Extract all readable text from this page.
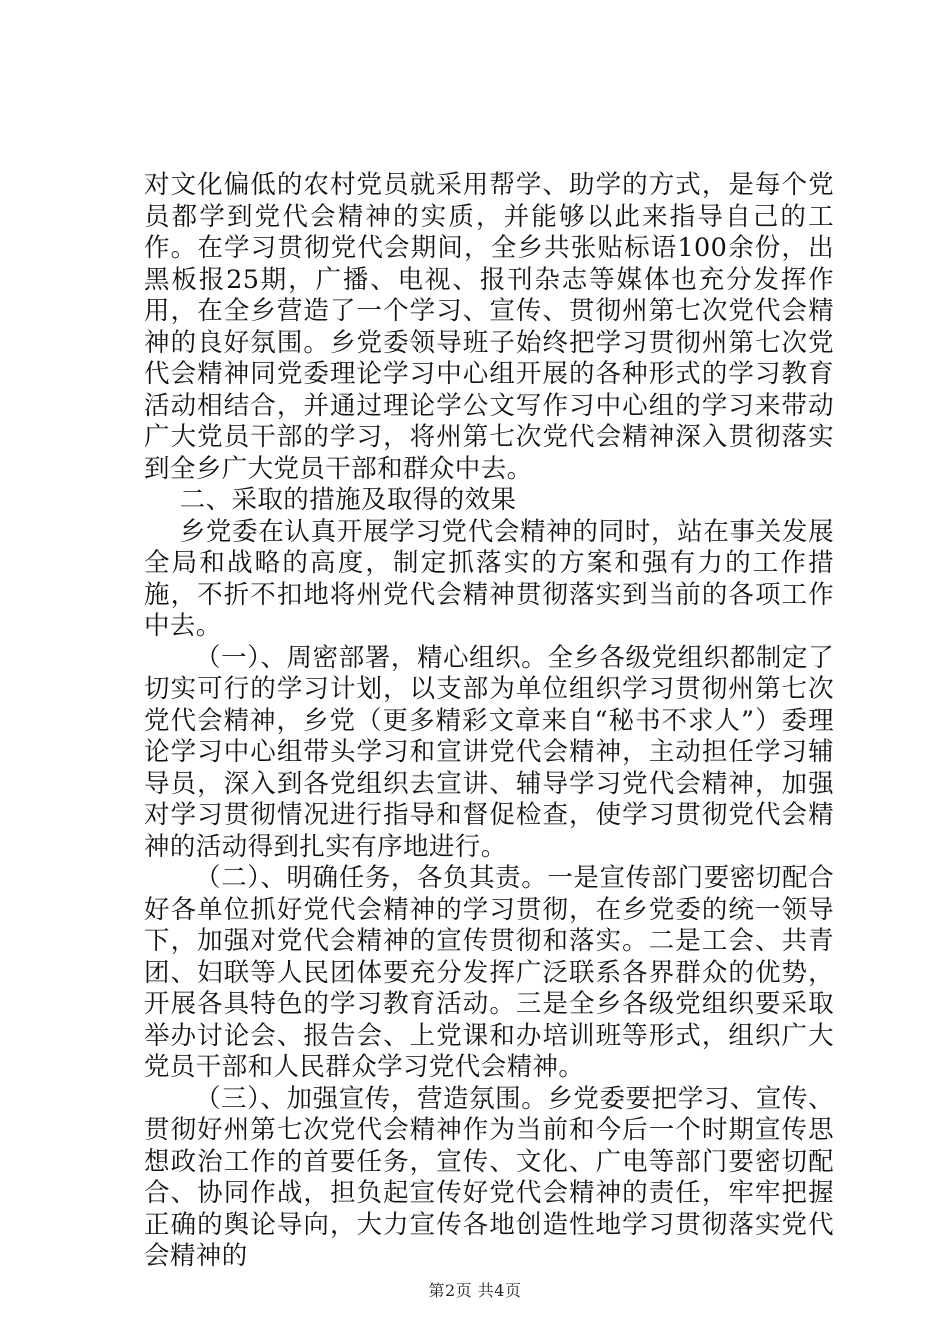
对文化偏低的农村党员就采用帮学、助学的方式，是每个党员都学到党代会精神的实质，并能够以此来指导自己的工作。在学习贯彻党代会期间，全乡共张贴标语100余份，出黑板报25期，广播、电视、报刊杂志等媒体也充分发挥作用，在全乡营造了一个学习、宣传、贯彻州第七次党代会精神的良好氛围。乡党委领导班子始终把学习贯彻州第七次党代会精神同党委理论学习中心组开展的各种形式的学习教育活动相结合，并通过理论学公文写作习中心组的学习来带动广大党员干部的学习，将州第七次党代会精神深入贯彻落实到全乡广大党员干部和群众中去。

二、采取的措施及取得的效果

乡党委在认真开展学习党代会精神的同时，站在事关发展全局和战略的高度，制定抓落实的方案和强有力的工作措施，不折不扣地将州党代会精神贯彻落实到当前的各项工作中去。

（一）、周密部署，精心组织。全乡各级党组织都制定了切实可行的学习计划，以支部为单位组织学习贯彻州第七次党代会精神，乡党（更多精彩文章来自“秘书不求人”）委理论学习中心组带头学习和宣讲党代会精神，主动担任学习辅导员，深入到各党组织去宣讲、辅导学习党代会精神，加强对学习贯彻情况进行指导和督促检查，使学习贯彻党代会精神的活动得到扎实有序地进行。

（二）、明确任务，各负其责。一是宣传部门要密切配合好各单位抓好党代会精神的学习贯彻，在乡党委的统一领导下，加强对党代会精神的宣传贯彻和落实。二是工会、共青团、妇联等人民团体要充分发挥广泛联系各界群众的优势，开展各具特色的学习教育活动。三是全乡各级党组织要采取举办讨论会、报告会、上党课和办培训班等形式，组织广大党员干部和人民群众学习党代会精神。

（三）、加强宣传，营造氛围。乡党委要把学习、宣传、贯彻好州第七次党代会精神作为当前和今后一个时期宣传思想政治工作的首要任务，宣传、文化、广电等部门要密切配合、协同作战，担负起宣传好党代会精神的责任，牢牢把握正确的舆论导向，大力宣传各地创造性地学习贯彻落实党代会精神的

第2页 共4页
